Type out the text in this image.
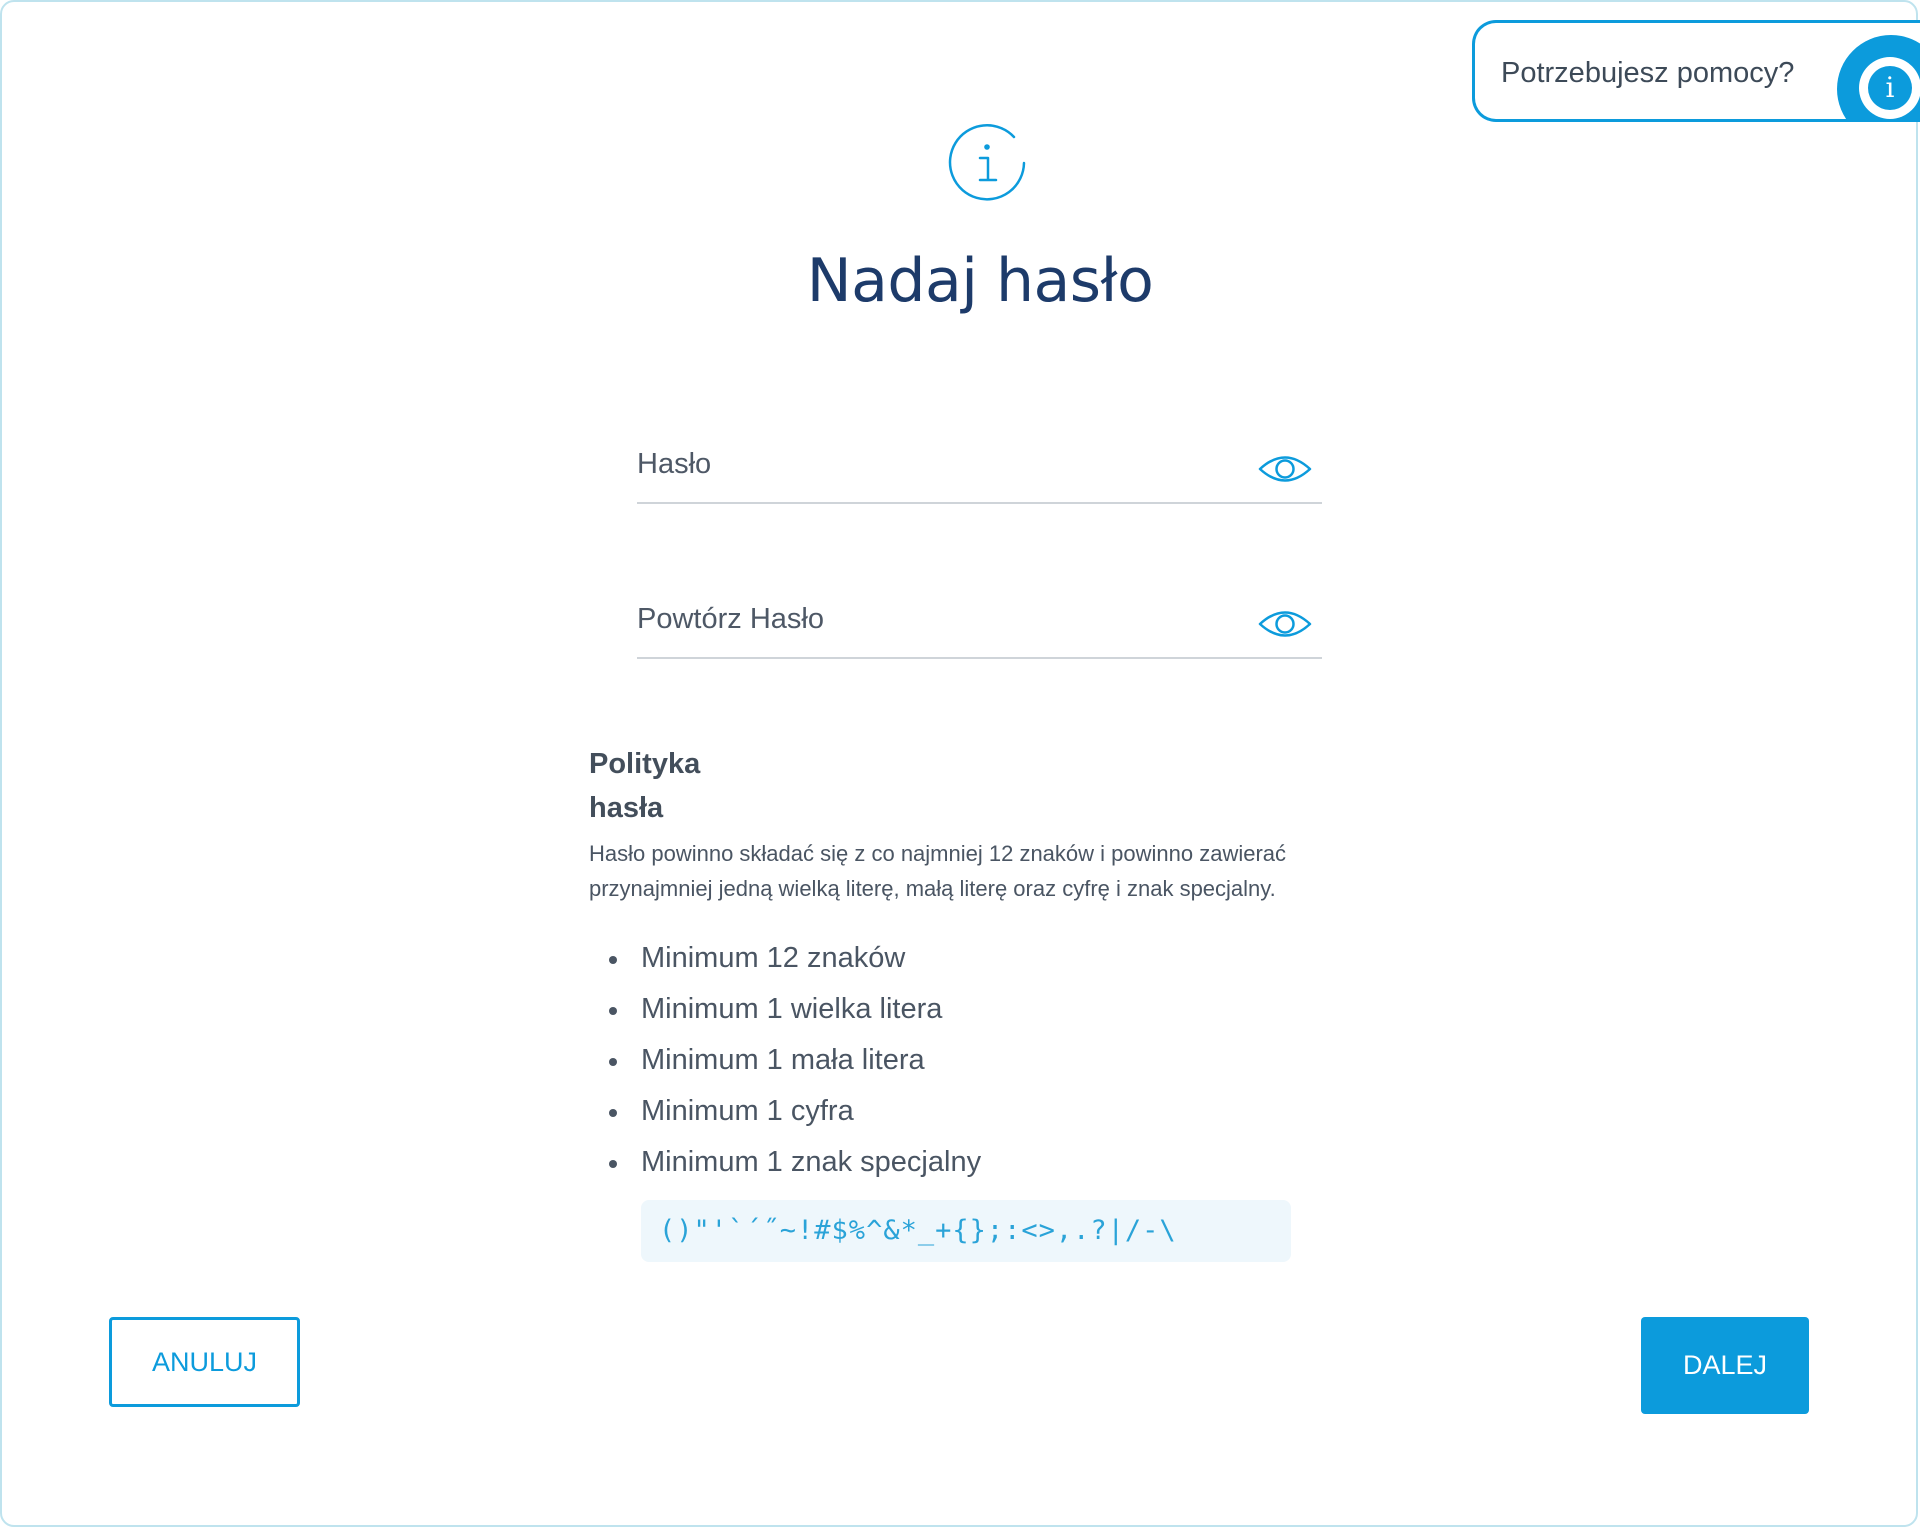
Potrzebujesz pomocy?	i
Nadaj hasło
Polityka hasła
Hasło powinno składać się z co najmniej 12 znaków i powinno zawierać przynajmniej jedną wielką literę, małą literę oraz cyfrę i znak specjalny.
Minimum 12 znaków
Minimum 1 wielka litera
Minimum 1 mała litera
Minimum 1 cyfra
Minimum 1 znak specjalny
()"'`´˝~!#$%^&*_+{};:<>,.?|/-\
ANULUJ	DALEJ
